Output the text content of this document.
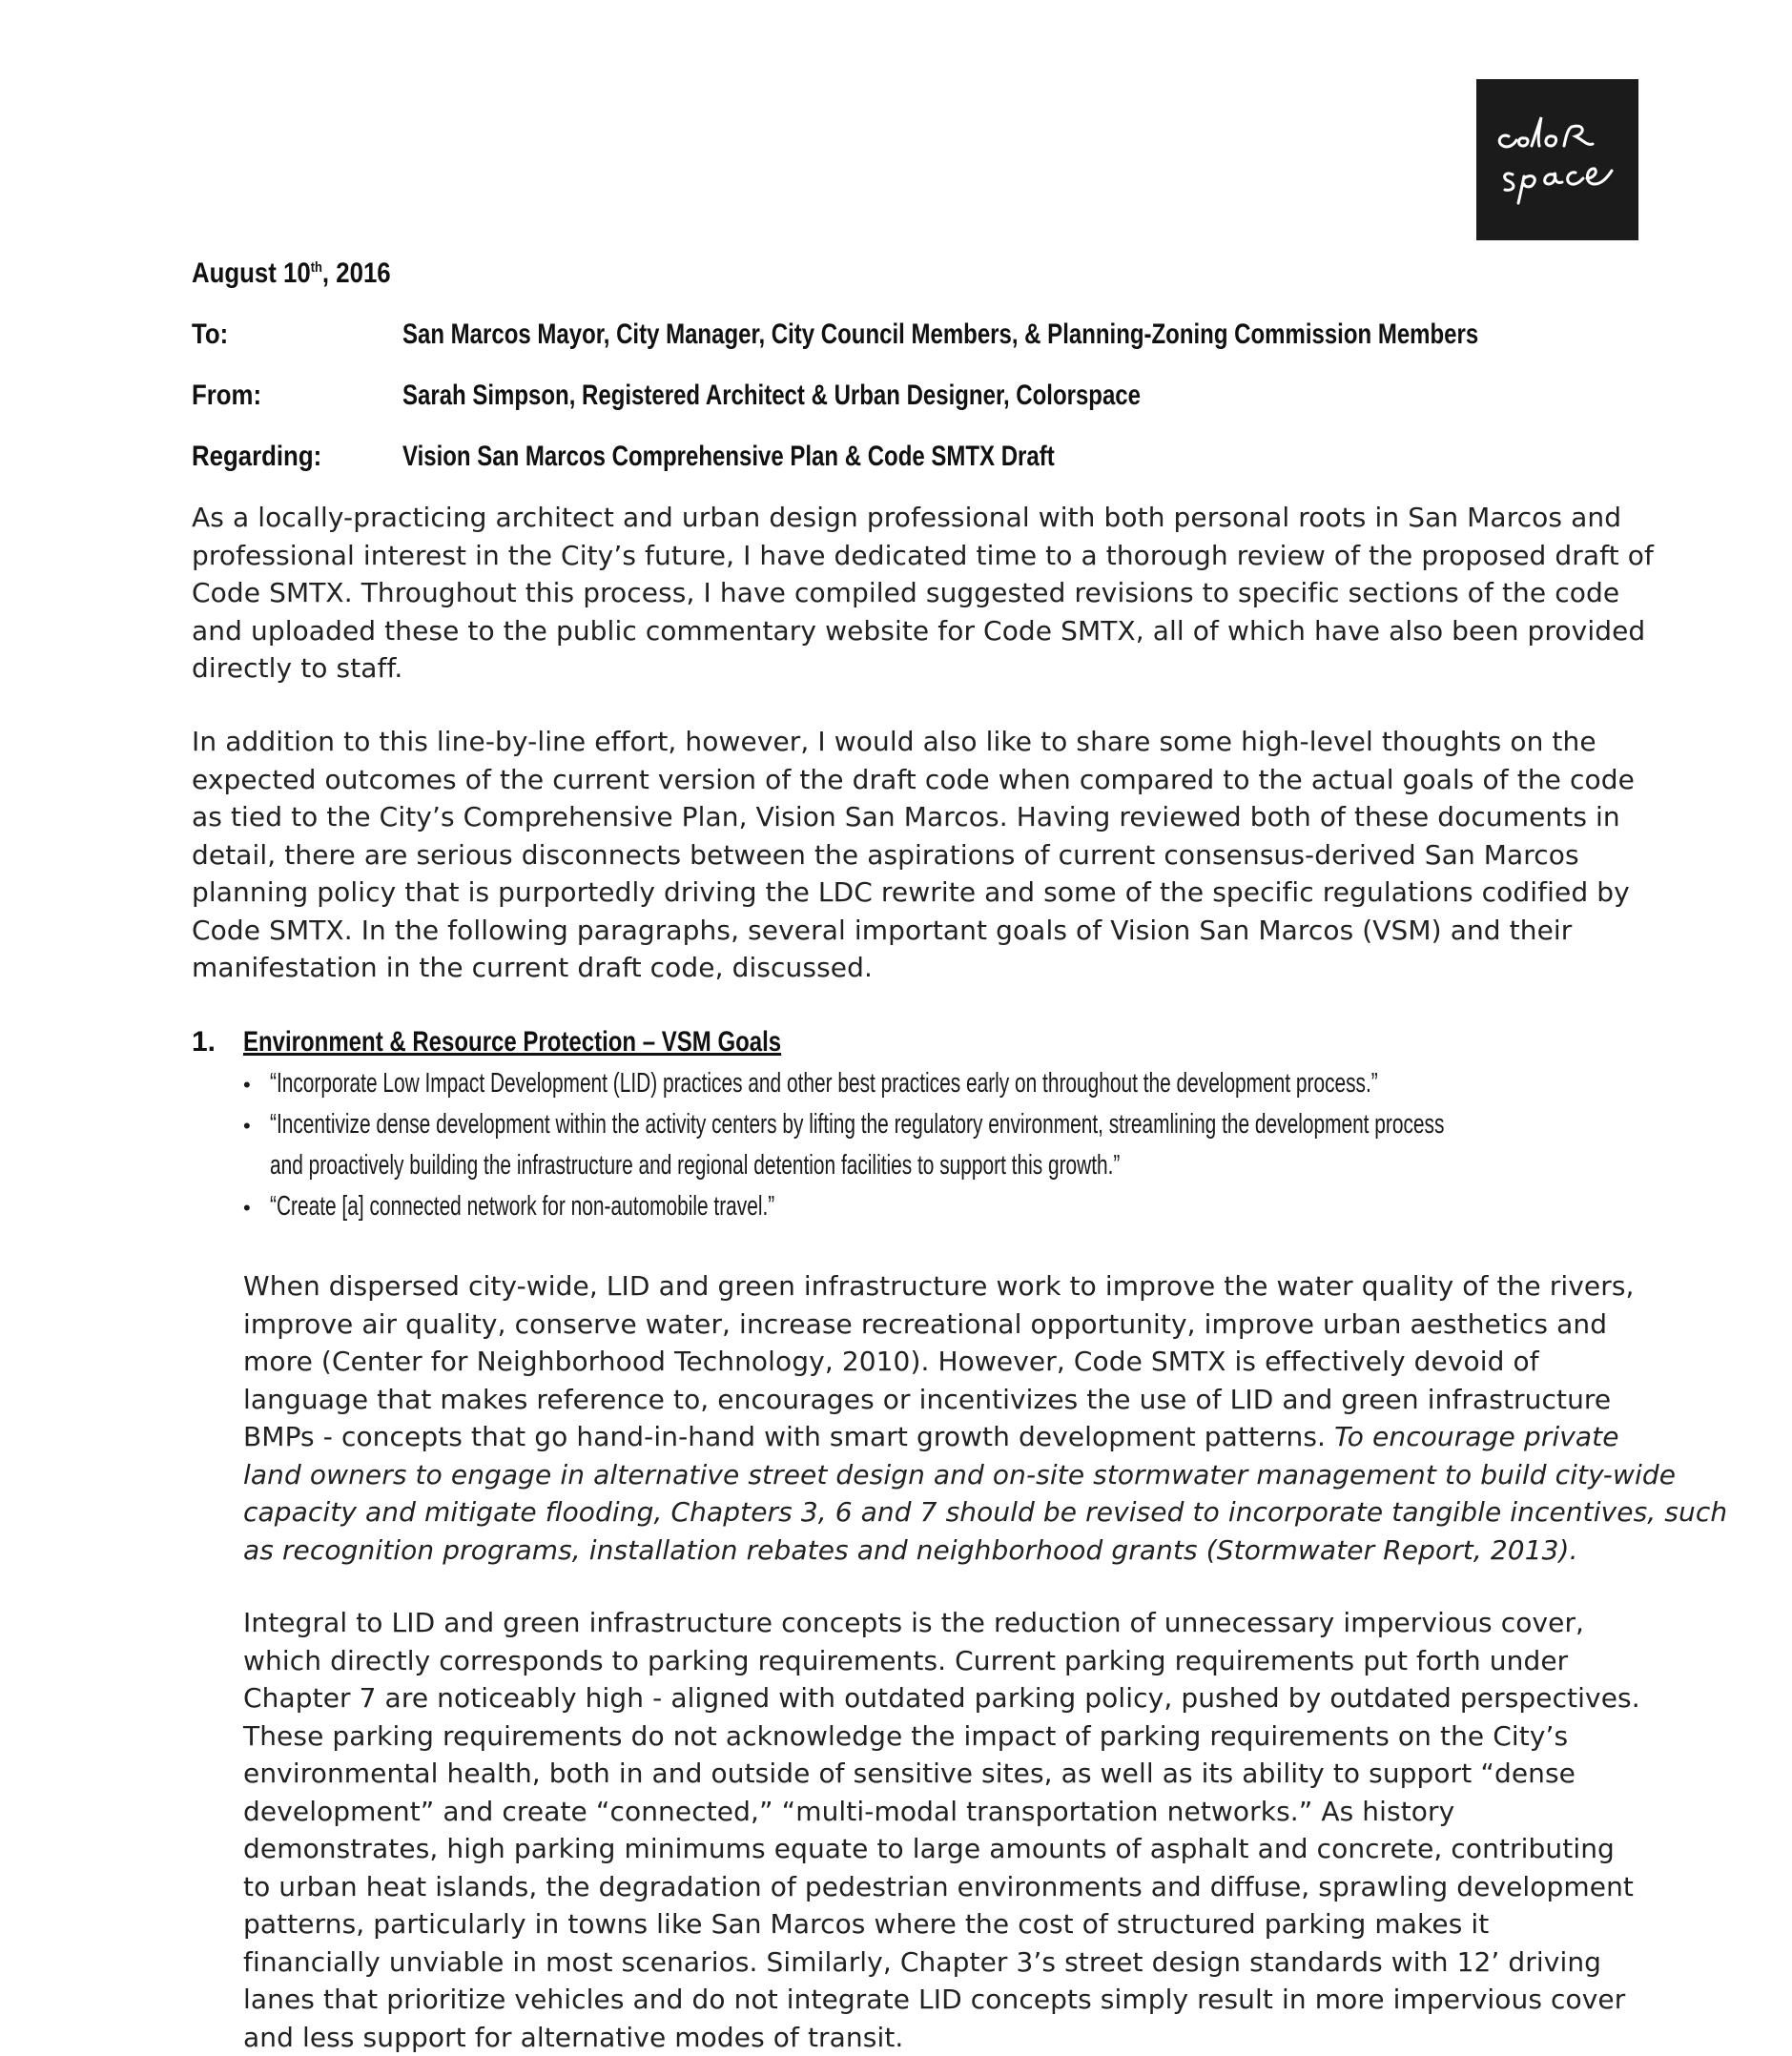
August 10th, 2016
To:	San Marcos Mayor, City Manager, City Council Members, & Planning-Zoning Commission Members
From:	Sarah Simpson, Registered Architect & Urban Designer, Colorspace
Regarding:	Vision San Marcos Comprehensive Plan & Code SMTX Draft
As a locally-practicing architect and urban design professional with both personal roots in San Marcos and
professional interest in the City’s future, I have dedicated time to a thorough review of the proposed draft of
Code SMTX. Throughout this process, I have compiled suggested revisions to specific sections of the code
and uploaded these to the public commentary website for Code SMTX, all of which have also been provided
directly to staff.
In addition to this line-by-line effort, however, I would also like to share some high-level thoughts on the
expected outcomes of the current version of the draft code when compared to the actual goals of the code
as tied to the City’s Comprehensive Plan, Vision San Marcos. Having reviewed both of these documents in
detail, there are serious disconnects between the aspirations of current consensus-derived San Marcos
planning policy that is purportedly driving the LDC rewrite and some of the specific regulations codified by
Code SMTX. In the following paragraphs, several important goals of Vision San Marcos (VSM) and their
manifestation in the current draft code, discussed.
1. Environment & Resource Protection – VSM Goals
• “Incorporate Low Impact Development (LID) practices and other best practices early on throughout the development process.”
• “Incentivize dense development within the activity centers by lifting the regulatory environment, streamlining the development process
and proactively building the infrastructure and regional detention facilities to support this growth.”
• “Create [a] connected network for non-automobile travel.”
When dispersed city-wide, LID and green infrastructure work to improve the water quality of the rivers,
improve air quality, conserve water, increase recreational opportunity, improve urban aesthetics and
more (Center for Neighborhood Technology, 2010). However, Code SMTX is effectively devoid of
language that makes reference to, encourages or incentivizes the use of LID and green infrastructure
BMPs - concepts that go hand-in-hand with smart growth development patterns. To encourage private
land owners to engage in alternative street design and on-site stormwater management to build city-wide
capacity and mitigate flooding, Chapters 3, 6 and 7 should be revised to incorporate tangible incentives, such
as recognition programs, installation rebates and neighborhood grants (Stormwater Report, 2013).
Integral to LID and green infrastructure concepts is the reduction of unnecessary impervious cover,
which directly corresponds to parking requirements. Current parking requirements put forth under
Chapter 7 are noticeably high - aligned with outdated parking policy, pushed by outdated perspectives.
These parking requirements do not acknowledge the impact of parking requirements on the City’s
environmental health, both in and outside of sensitive sites, as well as its ability to support “dense
development” and create “connected,” “multi-modal transportation networks.” As history
demonstrates, high parking minimums equate to large amounts of asphalt and concrete, contributing
to urban heat islands, the degradation of pedestrian environments and diffuse, sprawling development
patterns, particularly in towns like San Marcos where the cost of structured parking makes it
financially unviable in most scenarios. Similarly, Chapter 3’s street design standards with 12’ driving
lanes that prioritize vehicles and do not integrate LID concepts simply result in more impervious cover
and less support for alternative modes of transit.
